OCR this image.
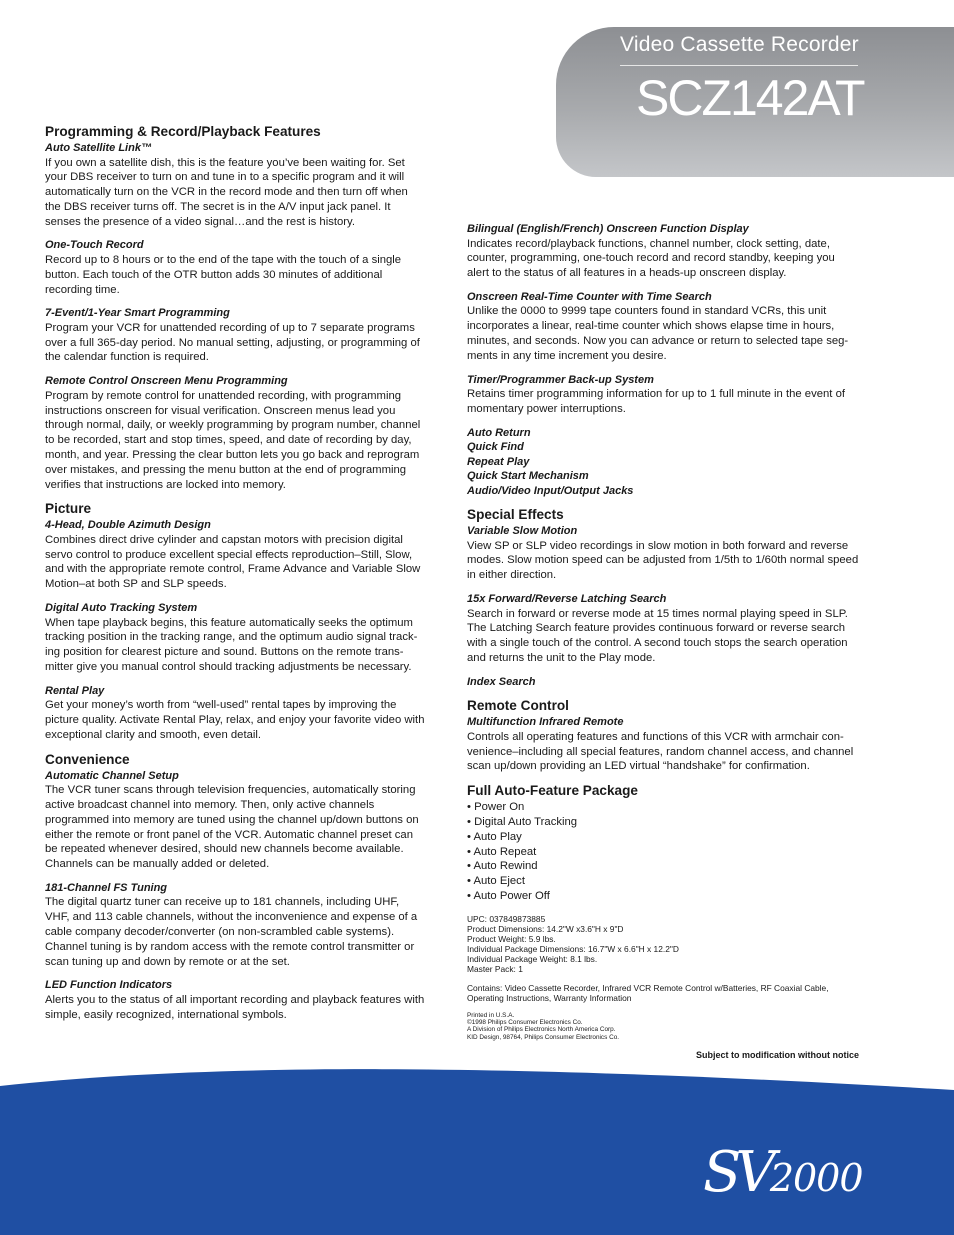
Video Cassette Recorder
SCZ142AT
Programming & Record/Playback Features
Auto Satellite Link™
If you own a satellite dish, this is the feature you’ve been waiting for. Set your DBS receiver to turn on and tune in to a specific program and it will automatically turn on the VCR in the record mode and then turn off when the DBS receiver turns off. The secret is in the A/V input jack panel. It senses the presence of a video signal…and the rest is history.
One-Touch Record
Record up to 8 hours or to the end of the tape with the touch of a single button. Each touch of the OTR button adds 30 minutes of additional recording time.
7-Event/1-Year Smart Programming
Program your VCR for unattended recording of up to 7 separate programs over a full 365-day period. No manual setting, adjusting, or programming of the calendar function is required.
Remote Control Onscreen Menu Programming
Program by remote control for unattended recording, with programming instructions onscreen for visual verification. Onscreen menus lead you through normal, daily, or weekly programming by program number, channel to be recorded, start and stop times, speed, and date of recording by day, month, and year. Pressing the clear button lets you go back and reprogram over mistakes, and pressing the menu button at the end of programming verifies that instructions are locked into memory.
Picture
4-Head, Double Azimuth Design
Combines direct drive cylinder and capstan motors with precision digital servo control to produce excellent special effects reproduction–Still, Slow, and with the appropriate remote control, Frame Advance and Variable Slow Motion–at both SP and SLP speeds.
Digital Auto Tracking System
When tape playback begins, this feature automatically seeks the optimum tracking position in the tracking range, and the optimum audio signal track-ing position for clearest picture and sound. Buttons on the remote trans-mitter give you manual control should tracking adjustments be necessary.
Rental Play
Get your money’s worth from “well-used” rental tapes by improving the picture quality. Activate Rental Play, relax, and enjoy your favorite video with exceptional clarity and smooth, even detail.
Convenience
Automatic Channel Setup
The VCR tuner scans through television frequencies, automatically storing active broadcast channel into memory. Then, only active channels programmed into memory are tuned using the channel up/down buttons on either the remote or front panel of the VCR. Automatic channel preset can be repeated whenever desired, should new channels become available. Channels can be manually added or deleted.
181-Channel FS Tuning
The digital quartz tuner can receive up to 181 channels, including UHF, VHF, and 113 cable channels, without the inconvenience and expense of a cable company decoder/converter (on non-scrambled cable systems). Channel tuning is by random access with the remote control transmitter or scan tuning up and down by remote or at the set.
LED Function Indicators
Alerts you to the status of all important recording and playback features with simple, easily recognized, international symbols.
Bilingual (English/French) Onscreen Function Display
Indicates record/playback functions, channel number, clock setting, date, counter, programming, one-touch record and record standby, keeping you alert to the status of all features in a heads-up onscreen display.
Onscreen Real-Time Counter with Time Search
Unlike the 0000 to 9999 tape counters found in standard VCRs, this unit incorporates a linear, real-time counter which shows elapse time in hours, minutes, and seconds. Now you can advance or return to selected tape seg-ments in any time increment you desire.
Timer/Programmer Back-up System
Retains timer programming information for up to 1 full minute in the event of momentary power interruptions.
Auto Return
Quick Find
Repeat Play
Quick Start Mechanism
Audio/Video Input/Output Jacks
Special Effects
Variable Slow Motion
View SP or SLP video recordings in slow motion in both forward and reverse modes. Slow motion speed can be adjusted from 1/5th to 1/60th normal speed in either direction.
15x Forward/Reverse Latching Search
Search in forward or reverse mode at 15 times normal playing speed in SLP. The Latching Search feature provides continuous forward or reverse search with a single touch of the control. A second touch stops the search operation and returns the unit to the Play mode.
Index Search
Remote Control
Multifunction Infrared Remote
Controls all operating features and functions of this VCR with armchair con-venience–including all special features, random channel access, and channel scan up/down providing an LED virtual “handshake” for confirmation.
Full Auto-Feature Package
• Power On
• Digital Auto Tracking
• Auto Play
• Auto Repeat
• Auto Rewind
• Auto Eject
• Auto Power Off
UPC: 037849873885
Product Dimensions: 14.2"W x3.6"H x 9"D
Product Weight: 5.9 lbs.
Individual Package Dimensions: 16.7"W x 6.6"H x 12.2"D
Individual Package Weight: 8.1 lbs.
Master Pack: 1
Contains: Video Cassette Recorder, Infrared VCR Remote Control w/Batteries, RF Coaxial Cable, Operating Instructions, Warranty Information
Printed in U.S.A.
©1998 Philips Consumer Electronics Co.
A Division of Philips Electronics North America Corp.
KID Design, 98764, Philips Consumer Electronics Co.
Subject to modification without notice
SV2000
